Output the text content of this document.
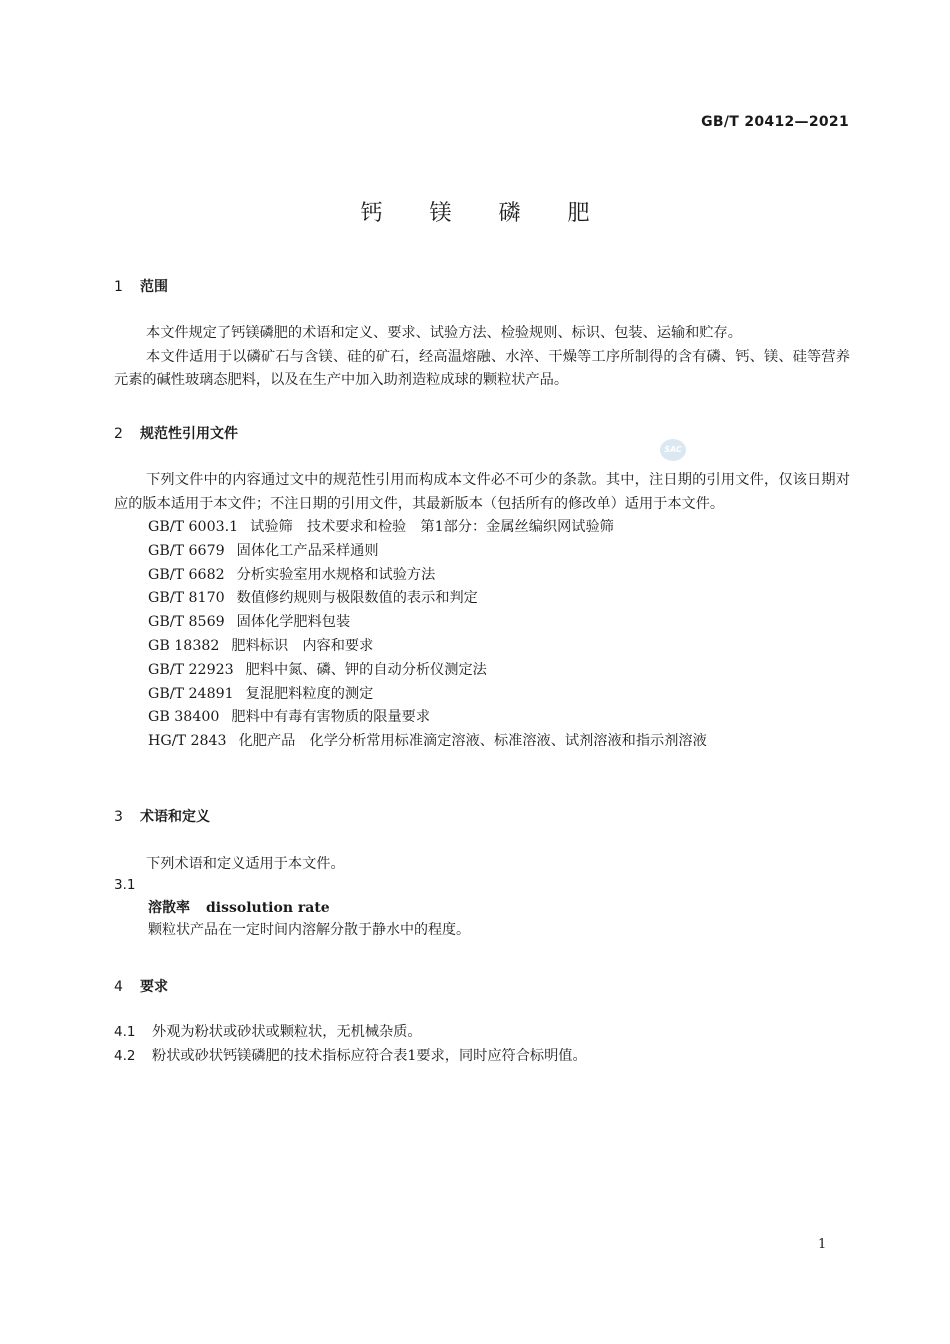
GB/T 20412—2021
钙 镁 磷 肥
1 范围

本文件规定了钙镁磷肥的术语和定义、要求、试验方法、检验规则、标识、包装、运输和贮存。

本文件适用于以磷矿石与含镁、硅的矿石，经高温熔融、水淬、干燥等工序所制得的含有磷、钙、镁、硅等营养元素的碱性玻璃态肥料，以及在生产中加入助剂造粒成球的颗粒状产品。

2 规范性引用文件
SAC

下列文件中的内容通过文中的规范性引用而构成本文件必不可少的条款。其中，注日期的引用文件，仅该日期对应的版本适用于本文件；不注日期的引用文件，其最新版本（包括所有的修改单）适用于本文件。

GB/T 6003.1 试验筛　技术要求和检验　第1部分：金属丝编织网试验筛
GB/T 6679 固体化工产品采样通则
GB/T 6682 分析实验室用水规格和试验方法
GB/T 8170 数值修约规则与极限数值的表示和判定
GB/T 8569 固体化学肥料包装
GB 18382 肥料标识　内容和要求
GB/T 22923 肥料中氮、磷、钾的自动分析仪测定法
GB/T 24891 复混肥料粒度的测定
GB 38400 肥料中有毒有害物质的限量要求
HG/T 2843 化肥产品　化学分析常用标准滴定溶液、标准溶液、试剂溶液和指示剂溶液
3 术语和定义

下列术语和定义适用于本文件。

3.1
溶散率 dissolution rate
颗粒状产品在一定时间内溶解分散于静水中的程度。
4 要求
4.1 外观为粉状或砂状或颗粒状，无机械杂质。
4.2 粉状或砂状钙镁磷肥的技术指标应符合表1要求，同时应符合标明值。
1
